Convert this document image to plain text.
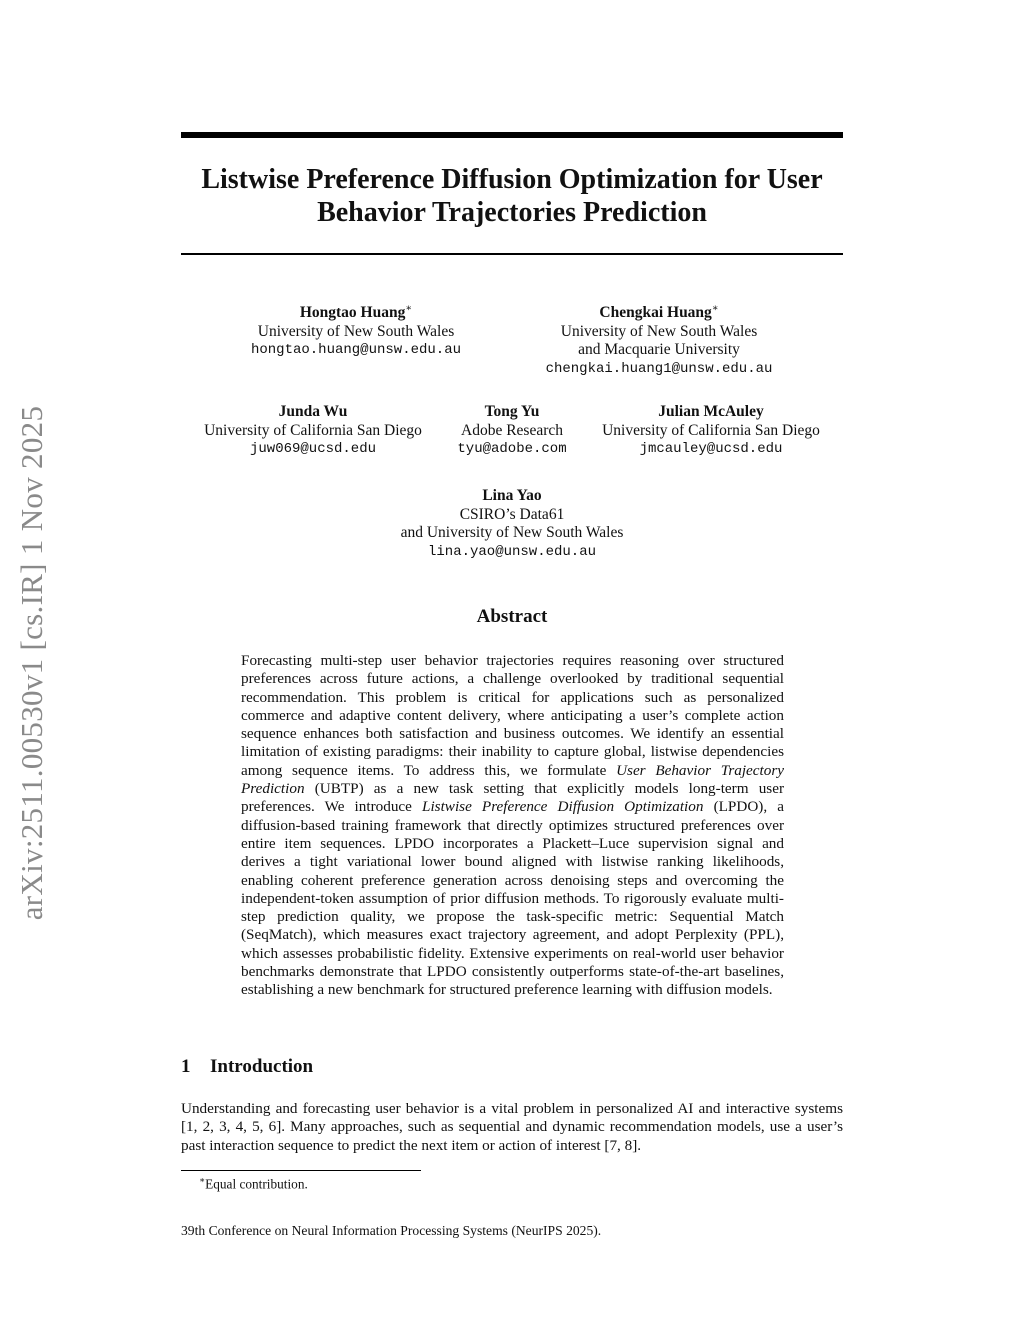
arXiv:2511.00530v1 [cs.IR] 1 Nov 2025
Listwise Preference Diffusion Optimization for User
Behavior Trajectories Prediction
Hongtao Huang∗
University of New South Wales
hongtao.huang@unsw.edu.au
Chengkai Huang∗
University of New South Wales
and Macquarie University
chengkai.huang1@unsw.edu.au
Junda Wu
University of California San Diego
juw069@ucsd.edu
Tong Yu
Adobe Research
tyu@adobe.com
Julian McAuley
University of California San Diego
jmcauley@ucsd.edu
Lina Yao
CSIRO’s Data61
and University of New South Wales
lina.yao@unsw.edu.au
Abstract

Forecasting multi-step user behavior trajectories requires reasoning over structured preferences across future actions, a challenge overlooked by traditional sequential recommendation. This problem is critical for applications such as personalized commerce and adaptive content delivery, where anticipating a user’s complete action sequence enhances both satisfaction and business outcomes. We identify an essential limitation of existing paradigms: their inability to capture global, listwise dependencies among sequence items. To address this, we formulate User Behavior Trajectory Prediction (UBTP) as a new task setting that explicitly models long-term user preferences. We introduce Listwise Preference Diffusion Optimization (LPDO), a diffusion-based training framework that directly optimizes structured preferences over entire item sequences. LPDO incorporates a Plackett–Luce supervision signal and derives a tight variational lower bound aligned with listwise ranking likelihoods, enabling coherent preference generation across denoising steps and overcoming the independent-token assumption of prior diffusion methods. To rigorously evaluate multi-step prediction quality, we propose the task-specific metric: Sequential Match (SeqMatch), which measures exact trajectory agreement, and adopt Perplexity (PPL), which assesses probabilistic fidelity. Extensive experiments on real-world user behavior benchmarks demonstrate that LPDO consistently outperforms state-of-the-art baselines, establishing a new benchmark for structured preference learning with diffusion models.

1 Introduction

Understanding and forecasting user behavior is a vital problem in personalized AI and interactive systems [1, 2, 3, 4, 5, 6]. Many approaches, such as sequential and dynamic recommendation models, use a user’s past interaction sequence to predict the next item or action of interest [7, 8].

∗Equal contribution.
39th Conference on Neural Information Processing Systems (NeurIPS 2025).
